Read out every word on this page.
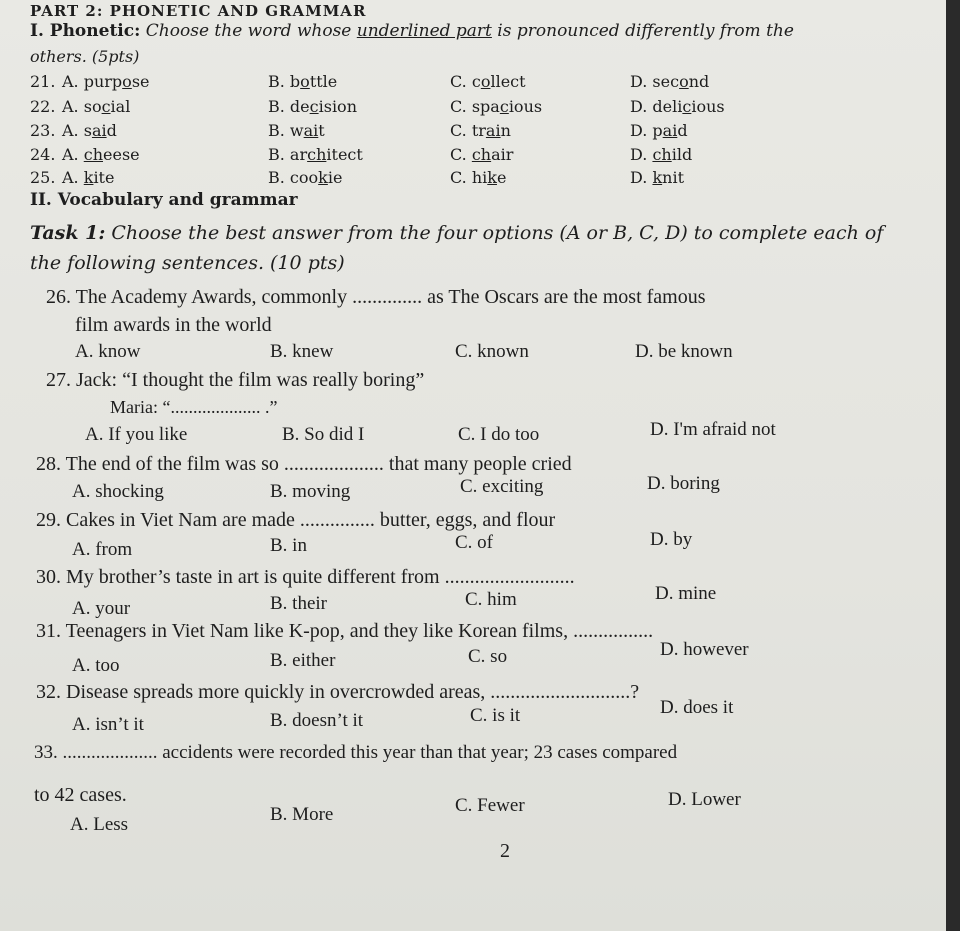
PART 2: PHONETIC AND GRAMMAR
I. Phonetic: Choose the word whose underlined part is pronounced differently from the
others. (5pts)
21. A. purpose	B. bottle	C. collect	D. second
22. A. social	B. decision	C. spacious	D. delicious
23. A. said	B. wait	C. train	D. paid
24. A. cheese	B. architect	C. chair	D. child
25. A. kite	B. cookie	C. hike	D. knit
II. Vocabulary and grammar
Task 1: Choose the best answer from the four options (A or B, C, D) to complete each of
the following sentences. (10 pts)
26. The Academy Awards, commonly .............. as The Oscars are the most famous
film awards in the world
A. know	B. knew	C. known	D. be known
27. Jack: “I thought the film was really boring”
Maria: “.................... .”
A. If you like	B. So did I	C. I do too	D. I'm afraid not
28. The end of the film was so .................... that many people cried
A. shocking	B. moving	C. exciting	D. boring
29. Cakes in Viet Nam are made ............... butter, eggs, and flour
A. from	B. in	C. of	D. by
30. My brother’s taste in art is quite different from ..........................
A. your	B. their	C. him	D. mine
31. Teenagers in Viet Nam like K-pop, and they like Korean films, ................
A. too	B. either	C. so	D. however
32. Disease spreads more quickly in overcrowded areas, ............................?
A. isn’t it	B. doesn’t it	C. is it	D. does it
33. .................... accidents were recorded this year than that year; 23 cases compared
to 42 cases.
A. Less	B. More	C. Fewer	D. Lower
2
